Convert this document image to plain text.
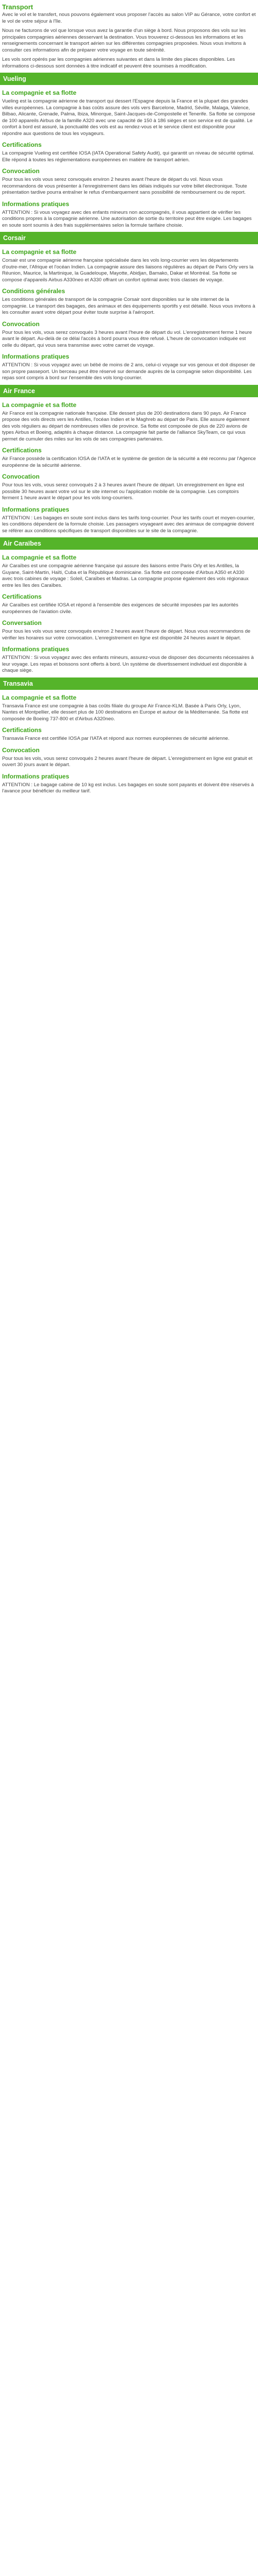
Transport

Avec le vol et le transfert, nous pouvons également vous proposer l'accès au salon VIP au Gérance, votre confort et le vol de votre séjour à l'île.

Nous ne facturons de vol que lorsque vous avez la garantie d'un siège à bord. Nous proposons des vols sur les principales compagnies aériennes desservant la destination. Vous trouverez ci-dessous les informations et les renseignements concernant le transport aérien sur les différentes compagnies proposées. Nous vous invitons à consulter ces informations afin de préparer votre voyage en toute sérénité.

Les vols sont opérés par les compagnies aériennes suivantes et dans la limite des places disponibles. Les informations ci-dessous sont données à titre indicatif et peuvent être soumises à modification.

Vueling
La compagnie et sa flotte

Vueling est la compagnie aérienne de transport qui dessert l'Espagne depuis la France et la plupart des grandes villes européennes. La compagnie à bas coûts assure des vols vers Barcelone, Madrid, Séville, Malaga, Valence, Bilbao, Alicante, Grenade, Palma, Ibiza, Minorque, Saint-Jacques-de-Compostelle et Tenerife. Sa flotte se compose de 100 appareils Airbus de la famille A320 avec une capacité de 150 à 186 sièges et son service est de qualité. Le confort à bord est assuré, la ponctualité des vols est au rendez-vous et le service client est disponible pour répondre aux questions de tous les voyageurs.

Certifications

La compagnie Vueling est certifiée IOSA (IATA Operational Safety Audit), qui garantit un niveau de sécurité optimal. Elle répond à toutes les réglementations européennes en matière de transport aérien.

Convocation

Pour tous les vols vous serez convoqués environ 2 heures avant l'heure de départ du vol. Nous vous recommandons de vous présenter à l'enregistrement dans les délais indiqués sur votre billet électronique. Toute présentation tardive pourra entraîner le refus d'embarquement sans possibilité de remboursement ou de report.

Informations pratiques

ATTENTION : Si vous voyagez avec des enfants mineurs non accompagnés, il vous appartient de vérifier les conditions propres à la compagnie aérienne. Une autorisation de sortie du territoire peut être exigée. Les bagages en soute sont soumis à des frais supplémentaires selon la formule tarifaire choisie.

Corsair
La compagnie et sa flotte

Corsair est une compagnie aérienne française spécialisée dans les vols long-courrier vers les départements d'outre-mer, l'Afrique et l'océan Indien. La compagnie assure des liaisons régulières au départ de Paris Orly vers la Réunion, Maurice, la Martinique, la Guadeloupe, Mayotte, Abidjan, Bamako, Dakar et Montréal. Sa flotte se compose d'appareils Airbus A330neo et A330 offrant un confort optimal avec trois classes de voyage.

Conditions générales

Les conditions générales de transport de la compagnie Corsair sont disponibles sur le site internet de la compagnie. Le transport des bagages, des animaux et des équipements sportifs y est détaillé. Nous vous invitons à les consulter avant votre départ pour éviter toute surprise à l'aéroport.

Convocation

Pour tous les vols, vous serez convoqués 3 heures avant l'heure de départ du vol. L'enregistrement ferme 1 heure avant le départ. Au-delà de ce délai l'accès à bord pourra vous être refusé. L'heure de convocation indiquée est celle du départ, qui vous sera transmise avec votre carnet de voyage.

Informations pratiques

ATTENTION : Si vous voyagez avec un bébé de moins de 2 ans, celui-ci voyage sur vos genoux et doit disposer de son propre passeport. Un berceau peut être réservé sur demande auprès de la compagnie selon disponibilité. Les repas sont compris à bord sur l'ensemble des vols long-courrier.

Air France
La compagnie et sa flotte

Air France est la compagnie nationale française. Elle dessert plus de 200 destinations dans 90 pays. Air France propose des vols directs vers les Antilles, l'océan Indien et le Maghreb au départ de Paris. Elle assure également des vols réguliers au départ de nombreuses villes de province. Sa flotte est composée de plus de 220 avions de types Airbus et Boeing, adaptés à chaque distance. La compagnie fait partie de l'alliance SkyTeam, ce qui vous permet de cumuler des miles sur les vols de ses compagnies partenaires.

Certifications

Air France possède la certification IOSA de l'IATA et le système de gestion de la sécurité a été reconnu par l'Agence européenne de la sécurité aérienne.

Convocation

Pour tous les vols, vous serez convoqués 2 à 3 heures avant l'heure de départ. Un enregistrement en ligne est possible 30 heures avant votre vol sur le site internet ou l'application mobile de la compagnie. Les comptoirs ferment 1 heure avant le départ pour les vols long-courriers.

Informations pratiques

ATTENTION : Les bagages en soute sont inclus dans les tarifs long-courrier. Pour les tarifs court et moyen-courrier, les conditions dépendent de la formule choisie. Les passagers voyageant avec des animaux de compagnie doivent se référer aux conditions spécifiques de transport disponibles sur le site de la compagnie.

Air Caraïbes
La compagnie et sa flotte

Air Caraïbes est une compagnie aérienne française qui assure des liaisons entre Paris Orly et les Antilles, la Guyane, Saint-Martin, Haïti, Cuba et la République dominicaine. Sa flotte est composée d'Airbus A350 et A330 avec trois cabines de voyage : Soleil, Caraïbes et Madras. La compagnie propose également des vols régionaux entre les îles des Caraïbes.

Certifications

Air Caraïbes est certifiée IOSA et répond à l'ensemble des exigences de sécurité imposées par les autorités européennes de l'aviation civile.

Conversation

Pour tous les vols vous serez convoqués environ 2 heures avant l'heure de départ. Nous vous recommandons de vérifier les horaires sur votre convocation. L'enregistrement en ligne est disponible 24 heures avant le départ.

Informations pratiques

ATTENTION : Si vous voyagez avec des enfants mineurs, assurez-vous de disposer des documents nécessaires à leur voyage. Les repas et boissons sont offerts à bord. Un système de divertissement individuel est disponible à chaque siège.

Transavia
La compagnie et sa flotte

Transavia France est une compagnie à bas coûts filiale du groupe Air France-KLM. Basée à Paris Orly, Lyon, Nantes et Montpellier, elle dessert plus de 100 destinations en Europe et autour de la Méditerranée. Sa flotte est composée de Boeing 737-800 et d'Airbus A320neo.

Certifications

Transavia France est certifiée IOSA par l'IATA et répond aux normes européennes de sécurité aérienne.

Convocation

Pour tous les vols, vous serez convoqués 2 heures avant l'heure de départ. L'enregistrement en ligne est gratuit et ouvert 30 jours avant le départ.

Informations pratiques

ATTENTION : Le bagage cabine de 10 kg est inclus. Les bagages en soute sont payants et doivent être réservés à l'avance pour bénéficier du meilleur tarif.
